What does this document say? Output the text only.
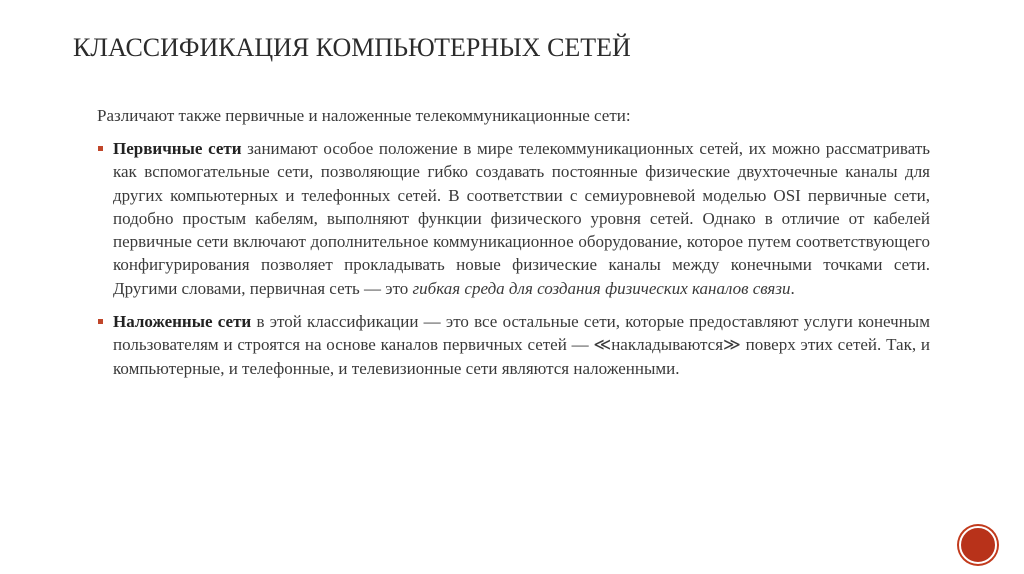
КЛАССИФИКАЦИЯ КОМПЬЮТЕРНЫХ СЕТЕЙ
Различают также первичные и наложенные телекоммуникационные сети:
Первичные сети занимают особое положение в мире телекоммуникационных сетей, их можно рассматривать как вспомогательные сети, позволяющие гибко создавать постоянные физические двухточечные каналы для других компьютерных и телефонных сетей. В соответствии с семиуровневой моделью OSI первичные сети, подобно простым кабелям, выполняют функции физического уровня сетей. Однако в отличие от кабелей первичные сети включают дополнительное коммуникационное оборудование, которое путем соответствующего конфигурирования позволяет прокладывать новые физические каналы между конечными точками сети. Другими словами, первичная сеть — это гибкая среда для создания физических каналов связи.
Наложенные сети в этой классификации — это все остальные сети, которые предоставляют услуги конечным пользователям и строятся на основе каналов первичных сетей — ≪накладываются≫ поверх этих сетей. Так, и компьютерные, и телефонные, и телевизионные сети являются наложенными.
